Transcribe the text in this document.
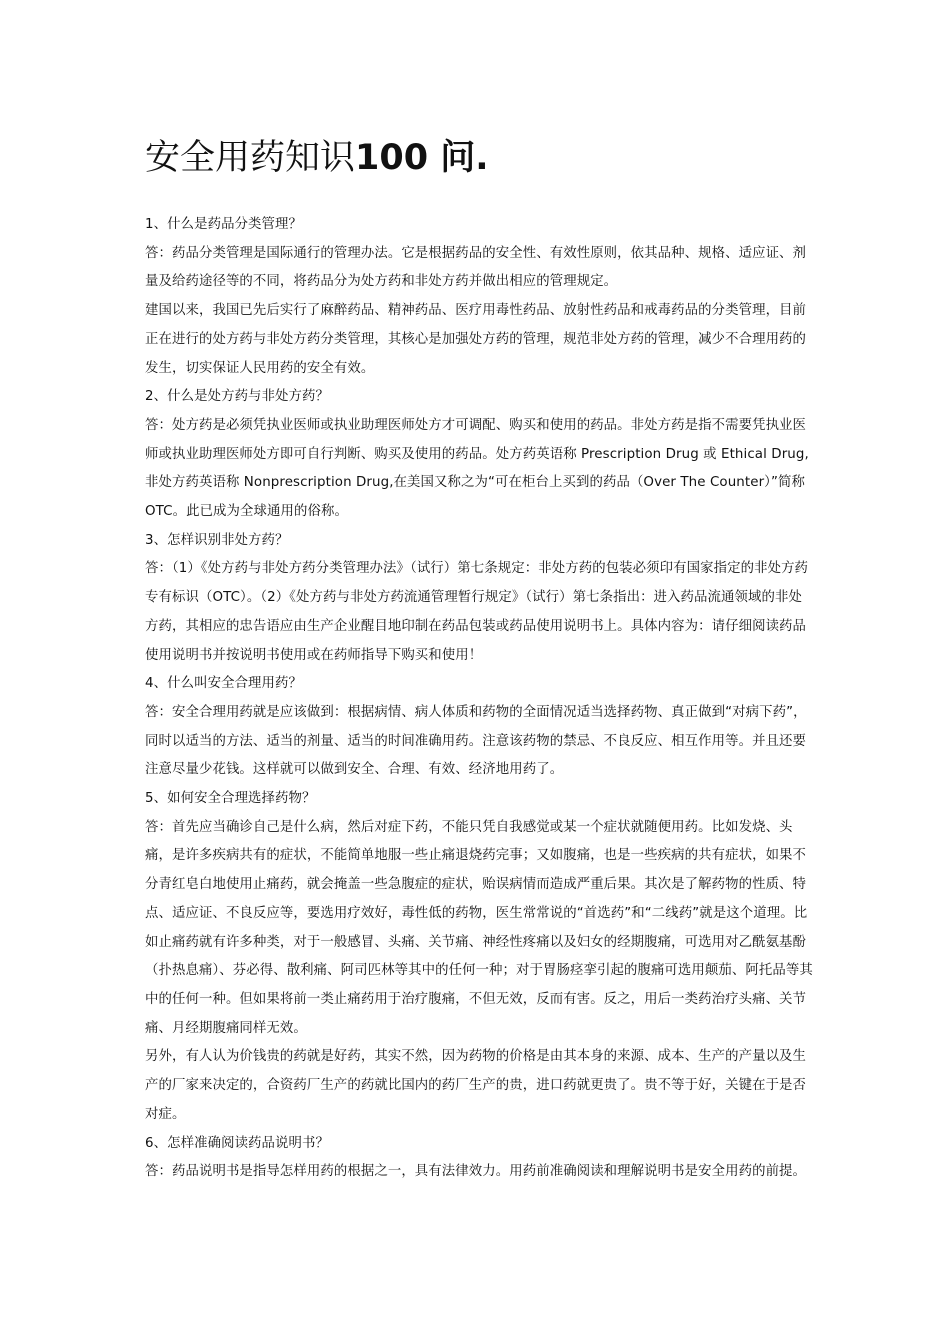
安全用药知识100 问.

1、什么是药品分类管理？

答：药品分类管理是国际通行的管理办法。它是根据药品的安全性、有效性原则，依其品种、规格、适应证、剂量及给药途径等的不同，将药品分为处方药和非处方药并做出相应的管理规定。

建国以来，我国已先后实行了麻醉药品、精神药品、医疗用毒性药品、放射性药品和戒毒药品的分类管理，目前正在进行的处方药与非处方药分类管理，其核心是加强处方药的管理，规范非处方药的管理，减少不合理用药的发生，切实保证人民用药的安全有效。

2、什么是处方药与非处方药？

答：处方药是必须凭执业医师或执业助理医师处方才可调配、购买和使用的药品。非处方药是指不需要凭执业医师或执业助理医师处方即可自行判断、购买及使用的药品。处方药英语称 Prescription Drug 或 Ethical Drug,非处方药英语称 Nonprescription Drug,在美国又称之为“可在柜台上买到的药品（Over The Counter）”简称 OTC。此已成为全球通用的俗称。

3、怎样识别非处方药？

答：（1）《处方药与非处方药分类管理办法》（试行）第七条规定：非处方药的包装必须印有国家指定的非处方药专有标识（OTC）。（2）《处方药与非处方药流通管理暂行规定》（试行）第七条指出：进入药品流通领域的非处方药，其相应的忠告语应由生产企业醒目地印制在药品包装或药品使用说明书上。具体内容为：请仔细阅读药品使用说明书并按说明书使用或在药师指导下购买和使用！

4、什么叫安全合理用药？

答：安全合理用药就是应该做到：根据病情、病人体质和药物的全面情况适当选择药物、真正做到“对病下药”，同时以适当的方法、适当的剂量、适当的时间准确用药。注意该药物的禁忌、不良反应、相互作用等。并且还要注意尽量少花钱。这样就可以做到安全、合理、有效、经济地用药了。

5、如何安全合理选择药物？

答：首先应当确诊自己是什么病，然后对症下药，不能只凭自我感觉或某一个症状就随便用药。比如发烧、头痛，是许多疾病共有的症状，不能简单地服一些止痛退烧药完事；又如腹痛，也是一些疾病的共有症状，如果不分青红皂白地使用止痛药，就会掩盖一些急腹症的症状，贻误病情而造成严重后果。其次是了解药物的性质、特点、适应证、不良反应等，要选用疗效好，毒性低的药物，医生常常说的“首选药”和“二线药”就是这个道理。比如止痛药就有许多种类，对于一般感冒、头痛、关节痛、神经性疼痛以及妇女的经期腹痛，可选用对乙酰氨基酚（扑热息痛）、芬必得、散利痛、阿司匹林等其中的任何一种；对于胃肠痉挛引起的腹痛可选用颠茄、阿托品等其中的任何一种。但如果将前一类止痛药用于治疗腹痛，不但无效，反而有害。反之，用后一类药治疗头痛、关节痛、月经期腹痛同样无效。

另外，有人认为价钱贵的药就是好药，其实不然，因为药物的价格是由其本身的来源、成本、生产的产量以及生产的厂家来决定的，合资药厂生产的药就比国内的药厂生产的贵，进口药就更贵了。贵不等于好，关键在于是否对症。

6、怎样准确阅读药品说明书？

答：药品说明书是指导怎样用药的根据之一，具有法律效力。用药前准确阅读和理解说明书是安全用药的前提。
